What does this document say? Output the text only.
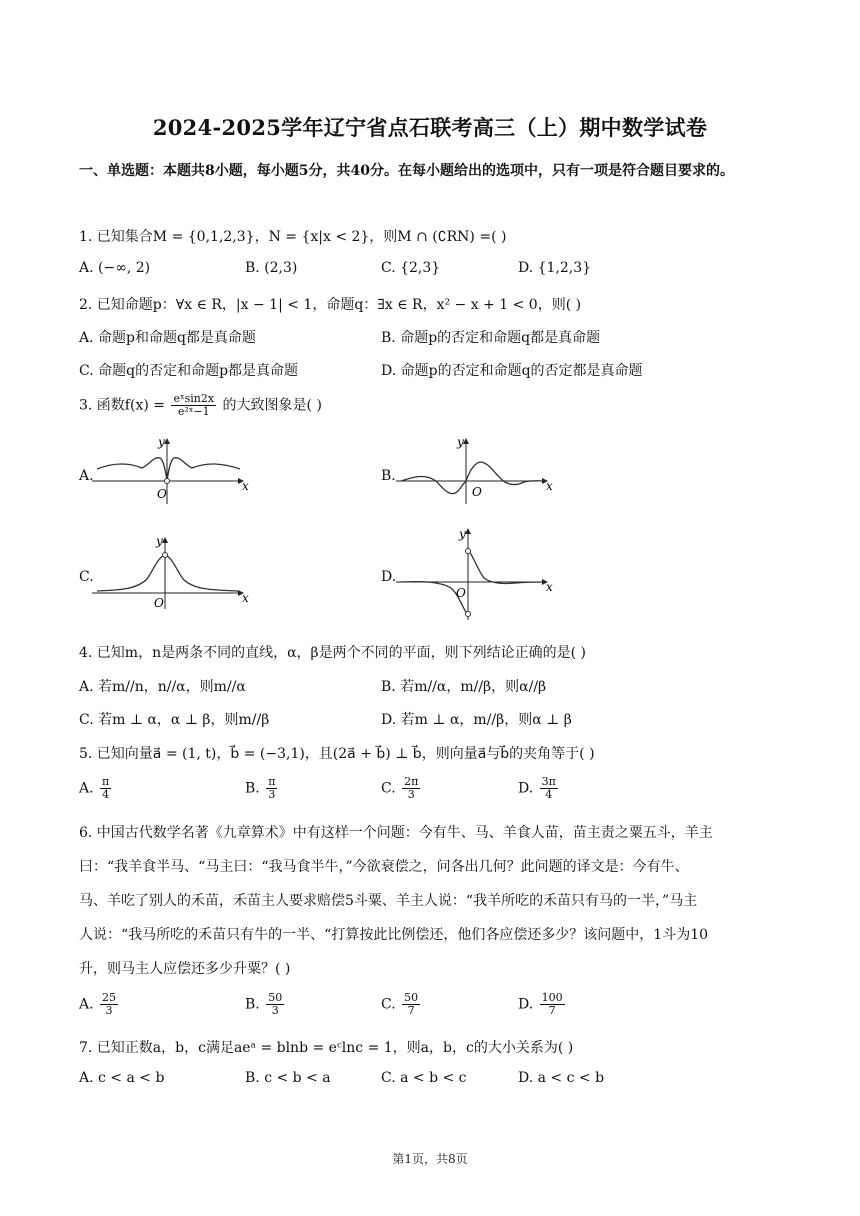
2024-2025学年辽宁省点石联考高三（上）期中数学试卷
一、单选题：本题共8小题，每小题5分，共40分。在每小题给出的选项中，只有一项是符合题目要求的。
1. 已知集合M = {0,1,2,3}，N = {x|x < 2}，则M ∩ (∁RN) =( )
A. (−∞, 2)	B. (2,3)	C. {2,3}	D. {1,2,3}
2. 已知命题p：∀x ∈ R，|x − 1| < 1，命题q：∃x ∈ R，x² − x + 1 < 0，则( )
A. 命题p和命题q都是真命题	B. 命题p的否定和命题q都是真命题
C. 命题q的否定和命题p都是真命题	D. 命题p的否定和命题q的否定都是真命题
3. 函数$f(x) = \frac{\text{eˣsin2x}}{\text{e²ˣ−1}}$ 的大致图象是( )
A.
O
x
y
B.
O	x
y
C.
O	x
y
D.
O	x
y
4. 已知m，n是两条不同的直线，α，β是两个不同的平面，则下列结论正确的是( )
A. 若m//n，n//α，则m//α	B. 若m//α，m//β，则α//β
C. 若m ⊥ α，α ⊥ β，则m//β	D. 若m ⊥ α，m//β，则α ⊥ β
5. 已知向量a⃗ = (1, t)，b⃗ = (−3,1)，且(2a⃗ + b⃗) ⊥ b⃗，则向量a⃗与b⃗的夹角等于( )
A. $\frac{\pi}{4}$	B. $\frac{\pi}{3}$	C. $\frac{2\pi}{3}$	D. $\frac{3\pi}{4}$
6. 中国古代数学名著《九章算术》中有这样一个问题：今有牛、马、羊食人苗，苗主责之粟五斗，羊主
曰：“我羊食半马、“马主曰：“我马食半牛，”今欲衰偿之，问各出几何？此问题的译文是：今有牛、
马、羊吃了别人的禾苗，禾苗主人要求赔偿5斗粟、羊主人说：“我羊所吃的禾苗只有马的一半，”马主
人说：“我马所吃的禾苗只有牛的一半、“打算按此比例偿还，他们各应偿还多少？该问题中，1斗为10
升，则马主人应偿还多少升粟？( )
A. $\frac{25}{3}$	B. $\frac{50}{3}$	C. $\frac{50}{7}$	D. $\frac{100}{7}$
7. 已知正数a，b，c满足aeᵃ = blnb = eᶜlnc = 1，则a，b，c的大小关系为( )
A. c < a < b	B. c < b < a	C. a < b < c	D. a < c < b
第1页，共8页
